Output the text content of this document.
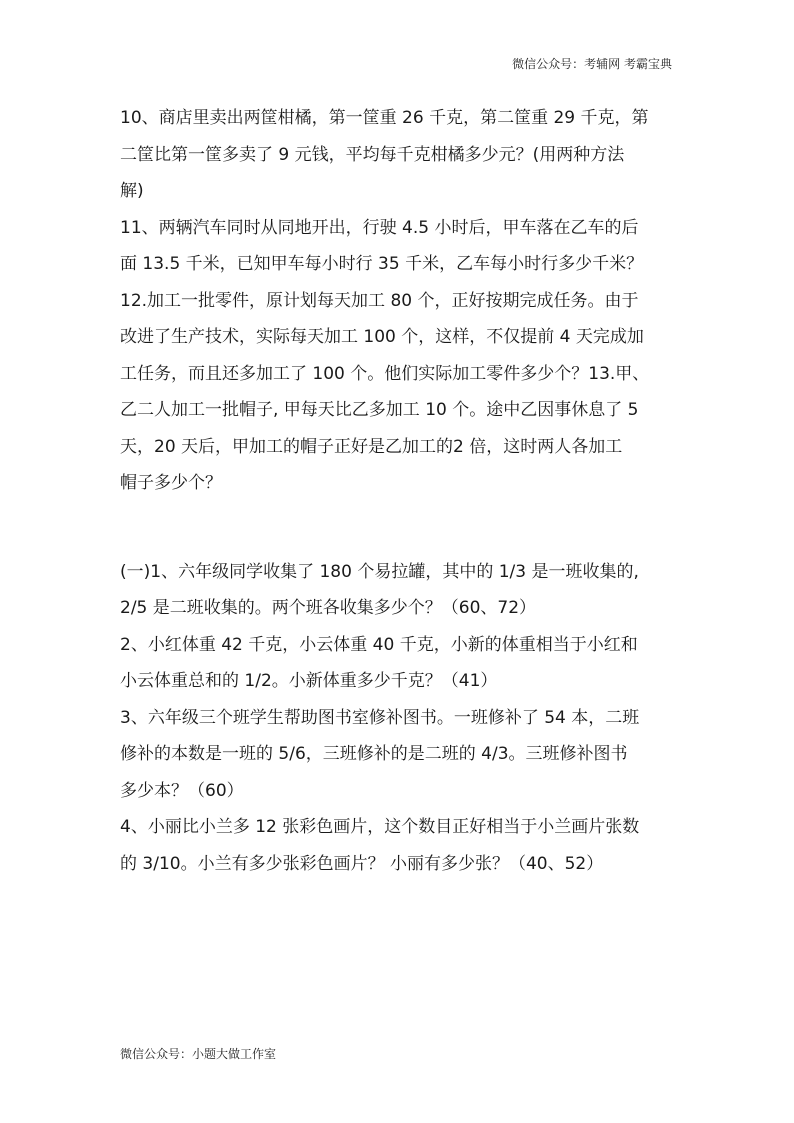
微信公众号：考辅网 考霸宝典
10、商店里卖出两筐柑橘，第一筐重 26 千克，第二筐重 29 千克，第
二筐比第一筐多卖了 9 元钱，平均每千克柑橘多少元？(用两种方法
解)
11、两辆汽车同时从同地开出，行驶 4.5 小时后，甲车落在乙车的后
面 13.5 千米，已知甲车每小时行 35 千米，乙车每小时行多少千米？
12.加工一批零件，原计划每天加工 80 个，正好按期完成任务。由于
改进了生产技术，实际每天加工 100 个，这样，不仅提前 4 天完成加
工任务，而且还多加工了 100 个。他们实际加工零件多少个？13.甲、
乙二人加工一批帽子, 甲每天比乙多加工 10 个。途中乙因事休息了 5
天，20 天后，甲加工的帽子正好是乙加工的2 倍，这时两人各加工
帽子多少个？
(一)1、六年级同学收集了 180 个易拉罐，其中的 1/3 是一班收集的,
2/5 是二班收集的。两个班各收集多少个？（60、72）
2、小红体重 42 千克，小云体重 40 千克，小新的体重相当于小红和
小云体重总和的 1/2。小新体重多少千克？（41）
3、六年级三个班学生帮助图书室修补图书。一班修补了 54 本，二班
修补的本数是一班的 5/6，三班修补的是二班的 4/3。三班修补图书
多少本？（60）
4、小丽比小兰多 12 张彩色画片，这个数目正好相当于小兰画片张数
的 3/10。小兰有多少张彩色画片？ 小丽有多少张？（40、52）
微信公众号：小题大做工作室
